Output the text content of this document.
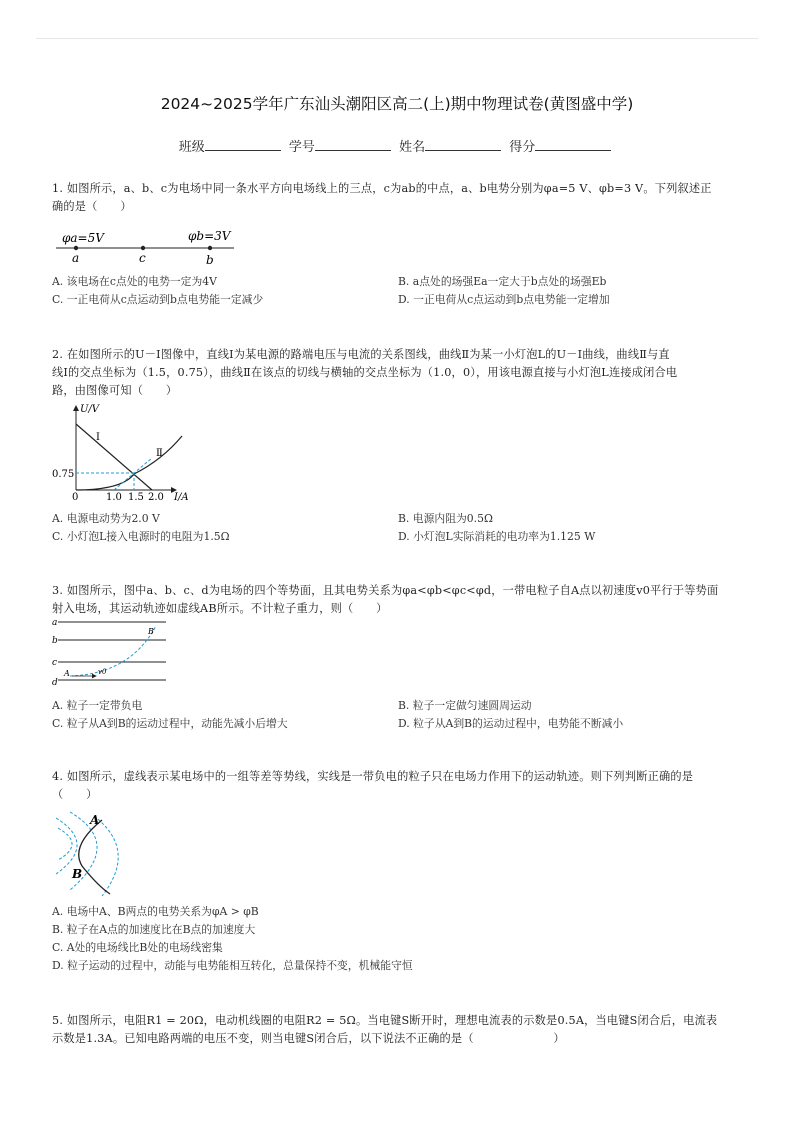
2024~2025学年广东汕头潮阳区高二(上)期中物理试卷(黄图盛中学)
班级	学号	姓名	得分
1. 如图所示，a、b、c为电场中同一条水平方向电场线上的三点，c为ab的中点，a、b电势分别为φa=5 V、φb=3 V。下列叙述正
确的是（　　）
φa=5V	φb=3V
a	c	b
A. 该电场在c点处的电势一定为4V	B. a点处的场强Ea一定大于b点处的场强Eb
C. 一正电荷从c点运动到b点电势能一定减少	D. 一正电荷从c点运动到b点电势能一定增加
2. 在如图所示的U－I图像中，直线Ⅰ为某电源的路端电压与电流的关系图线，曲线Ⅱ为某一小灯泡L的U－I曲线，曲线Ⅱ与直
线Ⅰ的交点坐标为（1.5，0.75），曲线Ⅱ在该点的切线与横轴的交点坐标为（1.0，0），用该电源直接与小灯泡L连接成闭合电
路，由图像可知（　　）
U/V
I/A
Ⅰ
Ⅱ
0.75
0	1.0 1.5 2.0
A. 电源电动势为2.0 V	B. 电源内阻为0.5Ω
C. 小灯泡L接入电源时的电阻为1.5Ω	D. 小灯泡L实际消耗的电功率为1.125 W
3. 如图所示，图中a、b、c、d为电场的四个等势面，且其电势关系为φa<φb<φc<φd，一带电粒子自A点以初速度v0平行于等势面
射入电场，其运动轨迹如虚线AB所示。不计粒子重力，则（　　）
a
b
c
d
A
B
v0
A. 粒子一定带负电	B. 粒子一定做匀速圆周运动
C. 粒子从A到B的运动过程中，动能先减小后增大	D. 粒子从A到B的运动过程中，电势能不断减小
4. 如图所示，虚线表示某电场中的一组等差等势线，实线是一带负电的粒子只在电场力作用下的运动轨迹。则下列判断正确的是
（　　）
A
B
A. 电场中A、B两点的电势关系为φA > φB
B. 粒子在A点的加速度比在B点的加速度大
C. A处的电场线比B处的电场线密集
D. 粒子运动的过程中，动能与电势能相互转化，总量保持不变，机械能守恒
5. 如图所示，电阻R1 = 20Ω，电动机线圈的电阻R2 = 5Ω。当电键S断开时，理想电流表的示数是0.5A，当电键S闭合后，电流表
示数是1.3A。已知电路两端的电压不变，则当电键S闭合后，以下说法不正确的是（　　　　　　　）
